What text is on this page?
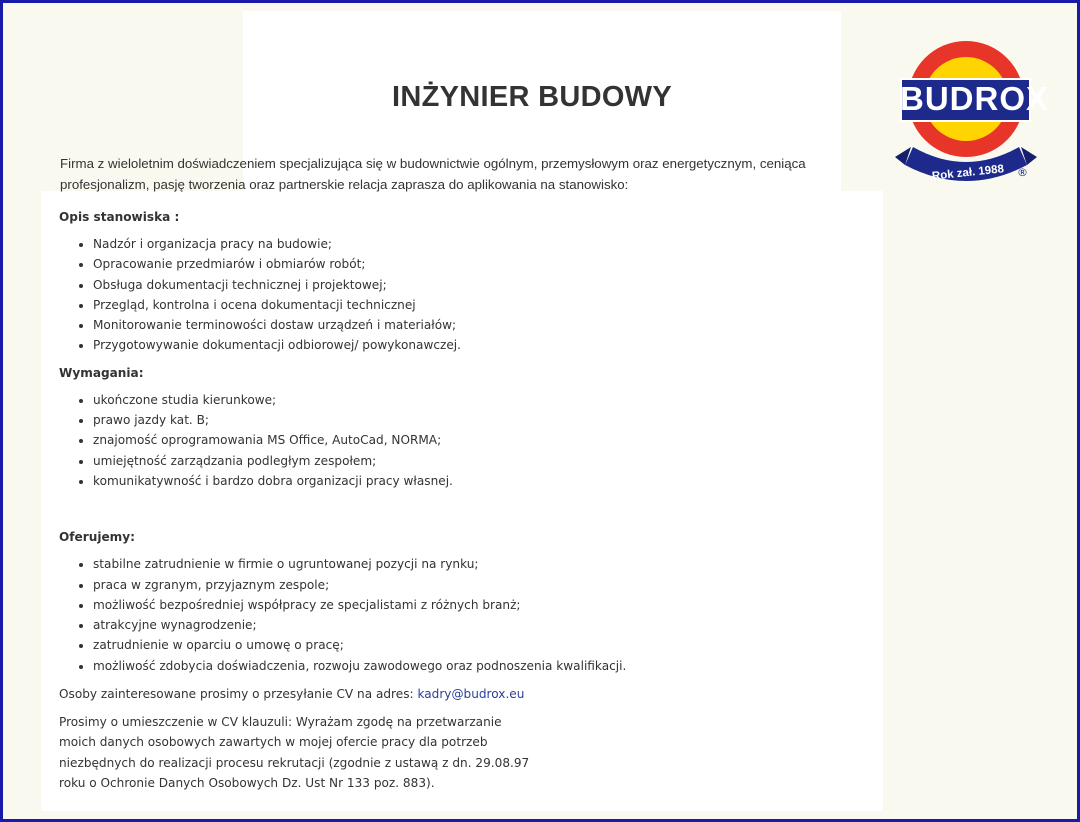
INŻYNIER BUDOWY

Firma z wieloletnim doświadczeniem specjalizująca się w budownictwie ogólnym, przemysłowym oraz energetycznym, ceniąca profesjonalizm, pasję tworzenia oraz partnerskie relacja zaprasza do aplikowania na stanowisko:

BUDROX
Rok zał. 1988	®
Opis stanowiska :
• Nadzór i organizacja pracy na budowie;
• Opracowanie przedmiarów i obmiarów robót;
• Obsługa dokumentacji technicznej i projektowej;
• Przegląd, kontrolna i ocena dokumentacji technicznej
• Monitorowanie terminowości dostaw urządzeń i materiałów;
• Przygotowywanie dokumentacji odbiorowej/ powykonawczej.
Wymagania:
• ukończone studia kierunkowe;
• prawo jazdy kat. B;
• znajomość oprogramowania MS Office, AutoCad, NORMA;
• umiejętność zarządzania podległym zespołem;
• komunikatywność i bardzo dobra organizacji pracy własnej.
Oferujemy:
• stabilne zatrudnienie w firmie o ugruntowanej pozycji na rynku;
• praca w zgranym, przyjaznym zespole;
• możliwość bezpośredniej współpracy ze specjalistami z różnych branż;
• atrakcyjne wynagrodzenie;
• zatrudnienie w oparciu o umowę o pracę;
• możliwość zdobycia doświadczenia, rozwoju zawodowego oraz podnoszenia kwalifikacji.

Osoby zainteresowane prosimy o przesyłanie CV na adres: kadry@budrox.eu

Prosimy o umieszczenie w CV klauzuli: Wyrażam zgodę na przetwarzanie moich danych osobowych zawartych w mojej ofercie pracy dla potrzeb niezbędnych do realizacji procesu rekrutacji (zgodnie z ustawą z dn. 29.08.97 roku o Ochronie Danych Osobowych Dz. Ust Nr 133 poz. 883).
